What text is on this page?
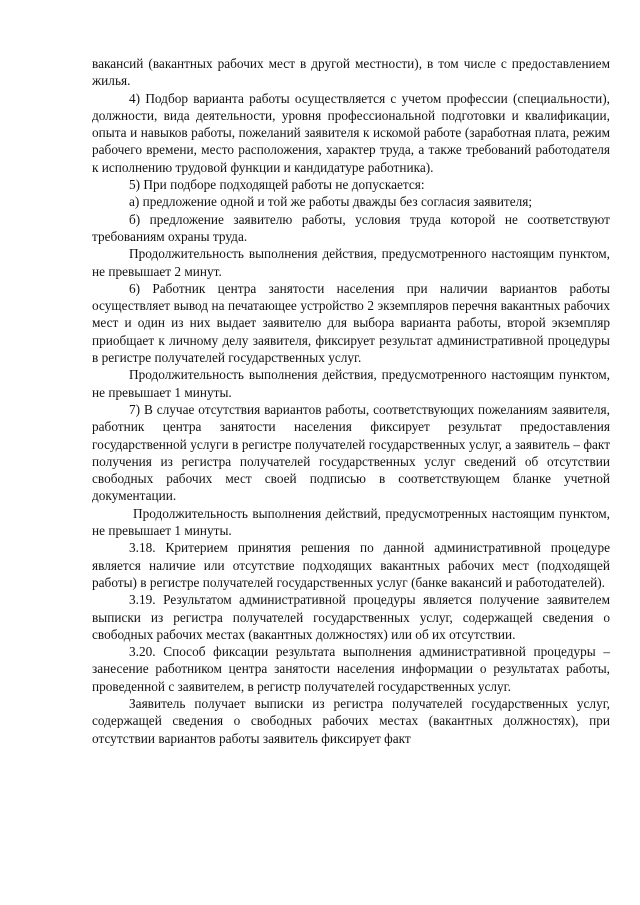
вакансий (вакантных рабочих мест в другой местности), в том числе с предоставлением жилья.

4) Подбор варианта работы осуществляется с учетом профессии (специальности), должности, вида деятельности, уровня профессиональной подготовки и квалификации, опыта и навыков работы, пожеланий заявителя к искомой работе (заработная плата, режим рабочего времени, место расположения, характер труда, а также требований работодателя к исполнению трудовой функции и кандидатуре работника).

5) При подборе подходящей работы не допускается:

а) предложение одной и той же работы дважды без согласия заявителя;

б) предложение заявителю работы, условия труда которой не соответствуют требованиям охраны труда.

Продолжительность выполнения действия, предусмотренного настоящим пунктом, не превышает 2 минут.

6) Работник центра занятости населения при наличии вариантов работы осуществляет вывод на печатающее устройство 2 экземпляров перечня вакантных рабочих мест и один из них выдает заявителю для выбора варианта работы, второй экземпляр приобщает к личному делу заявителя, фиксирует результат административной процедуры в регистре получателей государственных услуг.

Продолжительность выполнения действия, предусмотренного настоящим пунктом, не превышает 1 минуты.

7) В случае отсутствия вариантов работы, соответствующих пожеланиям заявителя, работник центра занятости населения фиксирует результат предоставления государственной услуги в регистре получателей государственных услуг, а заявитель – факт получения из регистра получателей государственных услуг сведений об отсутствии свободных рабочих мест своей подписью в соответствующем бланке учетной документации.

Продолжительность выполнения действий, предусмотренных настоящим пунктом, не превышает 1 минуты.

3.18. Критерием принятия решения по данной административной процедуре является наличие или отсутствие подходящих вакантных рабочих мест (подходящей работы) в регистре получателей государственных услуг (банке вакансий и работодателей).

3.19. Результатом административной процедуры является получение заявителем выписки из регистра получателей государственных услуг, содержащей сведения о свободных рабочих местах (вакантных должностях) или об их отсутствии.

3.20. Способ фиксации результата выполнения административной процедуры – занесение работником центра занятости населения информации о результатах работы, проведенной с заявителем, в регистр получателей государственных услуг.

Заявитель получает выписки из регистра получателей государственных услуг, содержащей сведения о свободных рабочих местах (вакантных должностях), при отсутствии вариантов работы заявитель фиксирует факт
